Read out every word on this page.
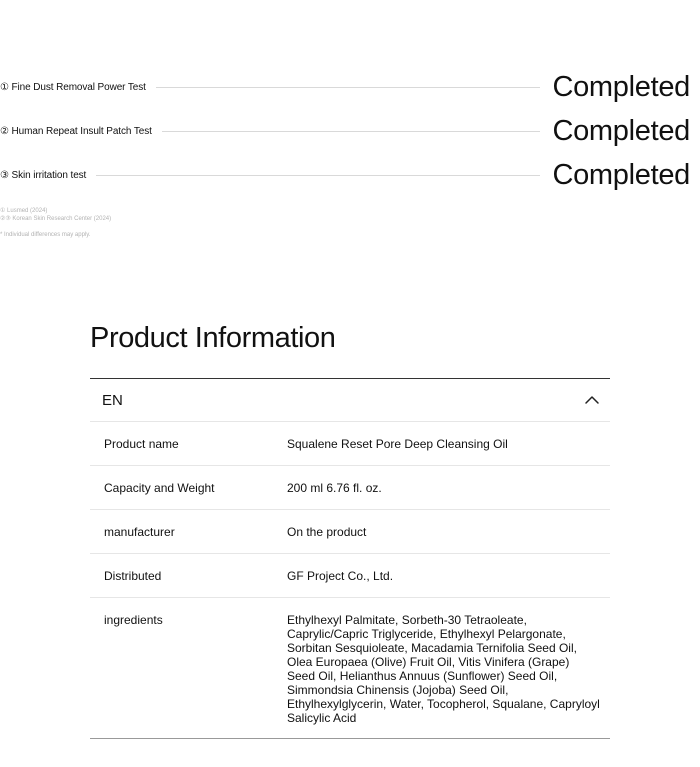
① Fine Dust Removal Power Test	Completed
② Human Repeat Insult Patch Test	Completed
③ Skin irritation test	Completed
① Lusmed (2024)
②③ Korean Skin Research Center (2024)
* Individual differences may apply.
Product Information
EN
Product name	Squalene Reset Pore Deep Cleansing Oil
Capacity and Weight	200 ml 6.76 fl. oz.
manufacturer	On the product
Distributed	GF Project Co., Ltd.
ingredients	Ethylhexyl Palmitate, Sorbeth-30 Tetraoleate, Caprylic/Capric Triglyceride, Ethylhexyl Pelargonate, Sorbitan Sesquioleate, Macadamia Ternifolia Seed Oil, Olea Europaea (Olive) Fruit Oil, Vitis Vinifera (Grape) Seed Oil, Helianthus Annuus (Sunflower) Seed Oil, Simmondsia Chinensis (Jojoba) Seed Oil, Ethylhexylglycerin, Water, Tocopherol, Squalane, Capryloyl Salicylic Acid
